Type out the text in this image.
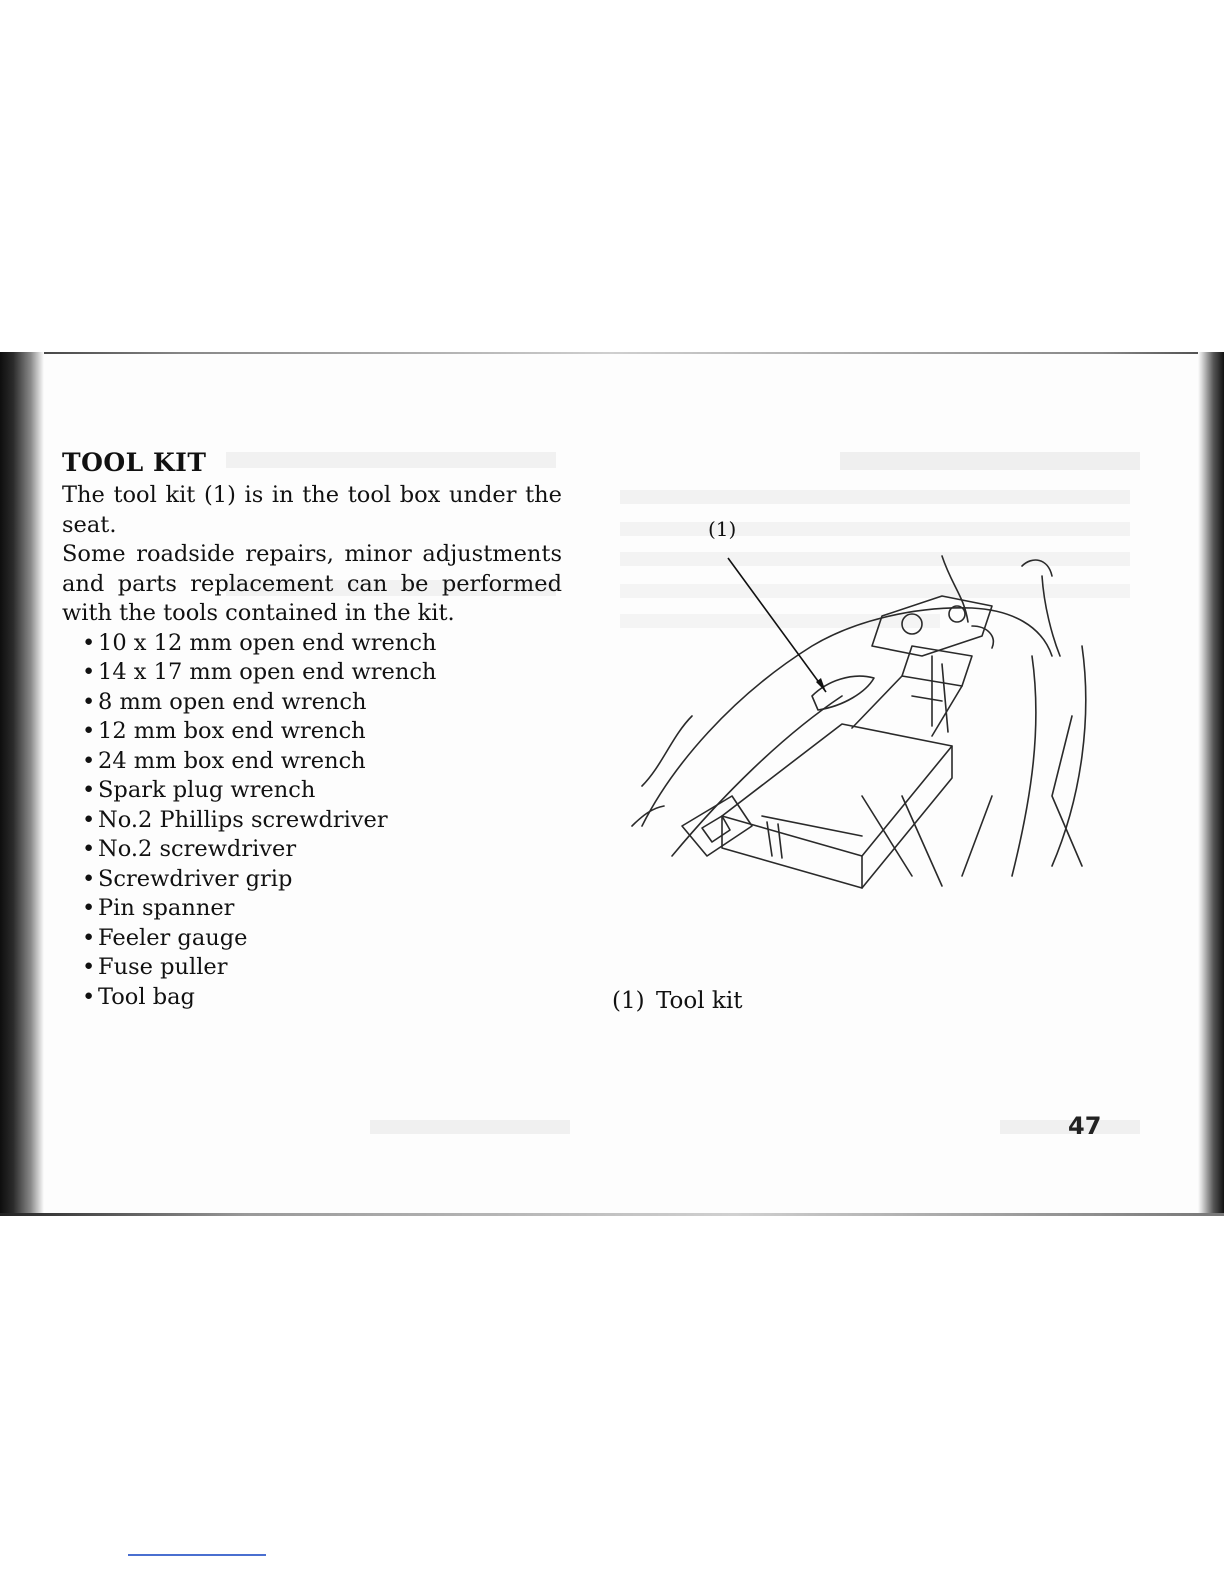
TOOL KIT

The tool kit (1) is in the tool box under the seat.

Some roadside repairs, minor adjustments and parts replacement can be performed with the tools contained in the kit.

• 10 x 12 mm open end wrench
• 14 x 17 mm open end wrench
• 8 mm open end wrench
• 12 mm box end wrench
• 24 mm box end wrench
• Spark plug wrench
• No.2 Phillips screwdriver
• No.2 screwdriver
• Screwdriver grip
• Pin spanner
• Feeler gauge
• Fuse puller
• Tool bag
(1)
(1) Tool kit
47
